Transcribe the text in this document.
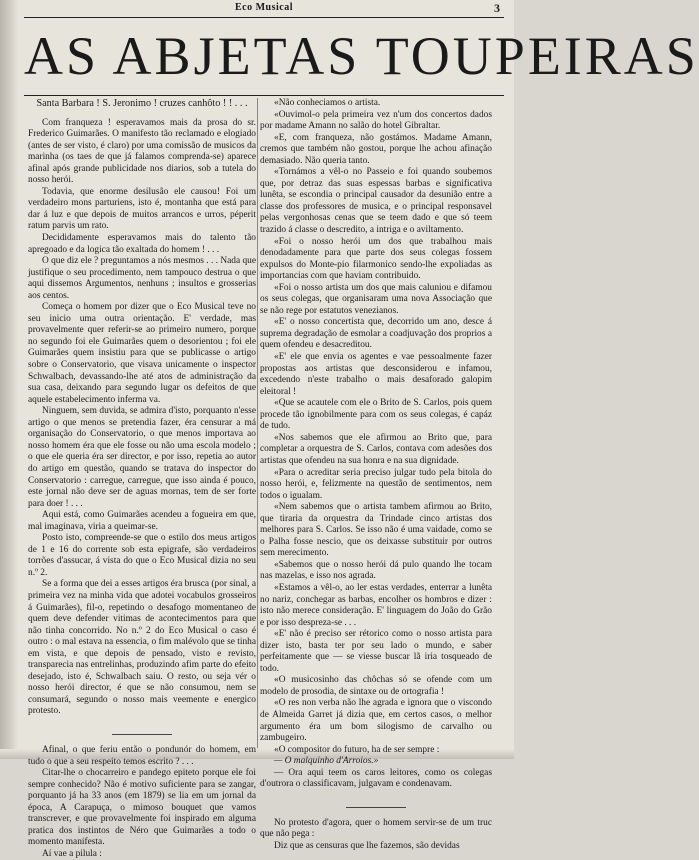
Eco Musical	3
AS ABJETAS TOUPEIRAS

Santa Barbara ! S. Jeronimo ! cruzes canhôto ! ! . . .

Com franqueza ! esperavamos mais da prosa do sr. Frederico Guimarães. O manifesto tão reclamado e elogiado (antes de ser visto, é claro) por uma comissão de musicos da marinha (os taes de que já falamos comprenda-se) aparece afinal após grande publicidade nos diarios, sob a tutela do nosso herói.

Todavia, que enorme desilusão ele causou! Foi um verdadeiro mons parturiens, isto é, montanha que está para dar á luz e que depois de muitos arrancos e urros, péperit ratum parvis um rato.

Decididamente esperavamos mais do talento tão apregoado e da logica tão exaltada do homem ! . . .

O que diz ele ? preguntamos a nós mesmos . . . Nada que justifique o seu procedimento, nem tampouco destrua o que aqui dissemos Argumentos, nenhuns ; insultos e grosserias aos centos.

Começa o homem por dizer que o Eco Musical teve no seu inicio uma outra orientação. E' verdade, mas provavelmente quer referir-se ao primeiro numero, porque no segundo foi ele Guimarães quem o desorientou ; foi ele Guimarães quem insistiu para que se publicasse o artigo sobre o Conservatorio, que visava unicamente o inspector Schwalbach, devassando-lhe até atos de administração da sua casa, deixando para segundo lugar os defeitos de que aquele estabelecimento inferma va.

Ninguem, sem duvida, se admira d'isto, porquanto n'esse artigo o que menos se pretendia fazer, éra censurar a má organisação do Conservatorio, o que menos importava ao nosso homem éra que ele fosse ou não uma escola modelo ; o que ele queria éra ser director, e por isso, repetia ao autor do artigo em questão, quando se tratava do inspector do Conservatorio : carregue, carregue, que isso ainda é pouco, este jornal não deve ser de aguas mornas, tem de ser forte para doer ! . . .

Aqui está, como Guimarães acendeu a fogueira em que, mal imaginava, viria a queimar-se.

Posto isto, compreende-se que o estilo dos meus artigos de 1 e 16 do corrente sob esta epigrafe, são verdadeiros torrões d'assucar, á vista do que o Eco Musical dizia no seu n.º 2.

Se a forma que dei a esses artigos éra brusca (por sinal, a primeira vez na minha vida que adotei vocabulos grosseiros á Guimarães), fil-o, repetindo o desafogo momentaneo de quem deve defender vitimas de acontecimentos para que não tinha concorrido. No n.º 2 do Eco Musical o caso é outro : o mal estava na essencia, o fim malévolo que se tinha em vista, e que depois de pensado, visto e revisto, transparecia nas entrelinhas, produzindo afim parte do efeito desejado, isto é, Schwalbach saiu. O resto, ou seja vér o nosso herói director, é que se não consumou, nem se consumará, segundo o nosso mais veemente e energico protesto.

Afinal, o que feriu então o pondunór do homem, em tudo o que a seu respeito temos escrito ? . . .

Citar-lhe o chocarreiro e pandego epiteto porque ele foi sempre conhecido? Não é motivo suficiente para se zangar, porquanto já ha 33 anos (em 1879) se lia em um jornal da época, A Carapuça, o mimoso bouquet que vamos transcrever, e que provavelmente foi inspirado em alguma pratica dos instintos de Néro que Guimarães a todo o momento manifesta.

Aí vae a pilula :

«Não conheciamos o artista.

«Ouvimol-o pela primeira vez n'um dos concertos dados por madame Amann no salão do hotel Gibraltar.

«E, com franqueza, não gostámos. Madame Amann, cremos que também não gostou, porque lhe achou afinação demasiado. Não queria tanto.

«Tornámos a vêl-o no Passeio e foi quando soubemos que, por detraz das suas espessas barbas e significativa lunêta, se escondia o principal causador da desunião entre a classe dos professores de musica, e o principal responsavel pelas vergonhosas cenas que se teem dado e que só teem trazido á classe o descredito, a intriga e o aviltamento.

«Foi o nosso herói um dos que trabalhou mais denodadamente para que parte dos seus colegas fossem expulsos do Monte-pio filarmonico sendo-lhe expoliadas as importancias com que haviam contribuido.

«Foi o nosso artista um dos que mais caluniou e difamou os seus colegas, que organisaram uma nova Associação que se não rege por estatutos venezianos.

«E' o nosso concertista que, decorrido um ano, desce á suprema degradação de esmolar a coadjuvação dos proprios a quem ofendeu e desacreditou.

«E' ele que envia os agentes e vae pessoalmente fazer propostas aos artistas que desconsiderou e infamou, excedendo n'este trabalho o mais desaforado galopim eleitoral !

«Que se acautele com ele o Brito de S. Carlos, pois quem procede tão ignobilmente para com os seus colegas, é capáz de tudo.

«Nos sabemos que ele afirmou ao Brito que, para completar a orquestra de S. Carlos, contava com adesões dos artistas que ofendeu na sua honra e na sua dignidade.

«Para o acreditar seria preciso julgar tudo pela bitola do nosso herói, e, felizmente na questão de sentimentos, nem todos o igualam.

«Nem sabemos que o artista tambem afirmou ao Brito, que tiraria da orquestra da Trindade cinco artistas dos melhores para S. Carlos. Se isso não é uma vaidade, como se o Palha fosse nescio, que os deixasse substituir por outros sem merecimento.

«Sabemos que o nosso herói dá pulo quando lhe tocam nas mazelas, e isso nos agrada.

«Estamos a vêl-o, ao ler estas verdades, enterrar a lunêta no nariz, conchegar as barbas, encolher os hombros e dizer : isto não merece consideração. E' linguagem do João do Grão e por isso despreza-se . . .

«E' não é preciso ser rétorico como o nosso artista para dizer isto, basta ter por seu lado o mundo, e saber perfeitamente que — se viesse buscar lã iria tosqueado de todo.

«O musicosinho das chôchas só se ofende com um modelo de prosodia, de sintaxe ou de ortografia !

«O res non verba não lhe agrada e ignora que o viscondo de Almeida Garret já dizia que, em certos casos, o melhor argumento éra um bom silogismo de carvalho ou zambugeiro.

«O compositor do futuro, ha de ser sempre :

— O malquinho d'Arroios.»

— Ora aqui teem os caros leitores, como os colegas d'outrora o classificavam, julgavam e condenavam.

No protesto d'agora, quer o homem servir-se de um truc que não pega :

Diz que as censuras que lhe fazemos, são devidas
